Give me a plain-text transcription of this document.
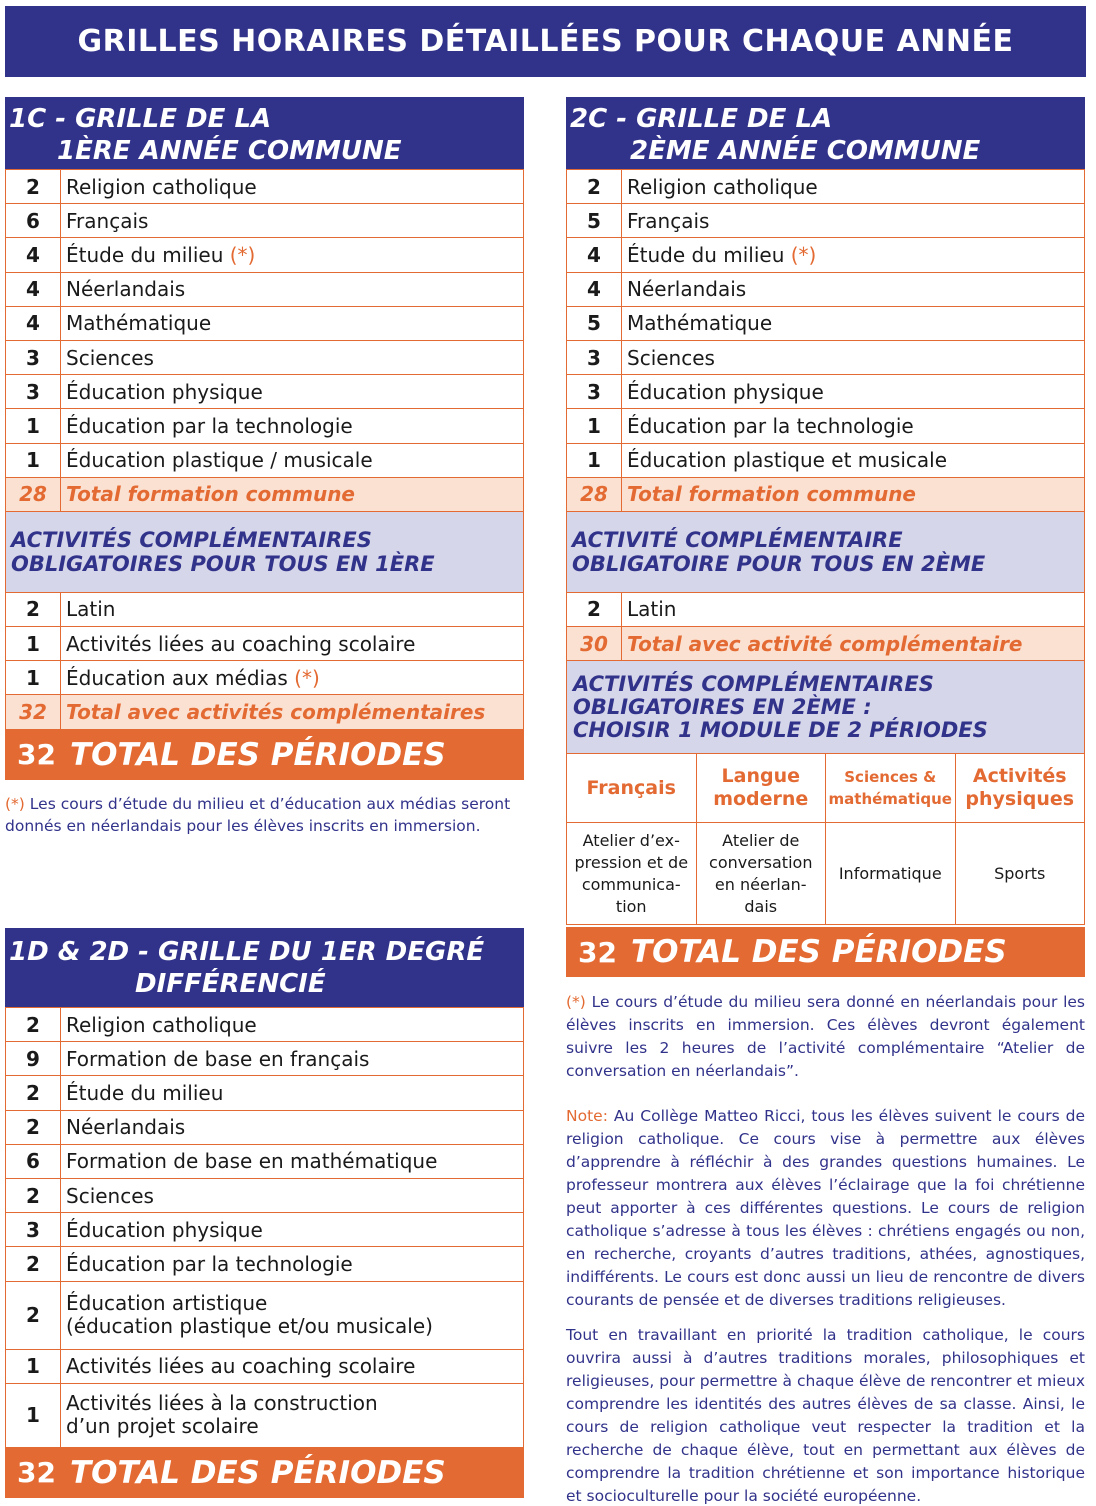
GRILLES HORAIRES DÉTAILLÉES POUR CHAQUE ANNÉE
1C - GRILLE DE LA
1ÈRE ANNÉE COMMUNE
2	Religion catholique
6	Français
4	Étude du milieu (*)
4	Néerlandais
4	Mathématique
3	Sciences
3	Éducation physique
1	Éducation par la technologie
1	Éducation plastique / musicale
28	Total formation commune
ACTIVITÉS COMPLÉMENTAIRES
OBLIGATOIRES POUR TOUS EN 1ÈRE
2	Latin
1	Activités liées au coaching scolaire
1	Éducation aux médias (*)
32	Total avec activités complémentaires
32 TOTAL DES PÉRIODES
(*) Les cours d’étude du milieu et d’éducation aux médias seront donnés en néerlandais pour les élèves inscrits en immersion.
1D & 2D - GRILLE DU 1ER DEGRÉ
DIFFÉRENCIÉ
2	Religion catholique
9	Formation de base en français
2	Étude du milieu
2	Néerlandais
6	Formation de base en mathématique
2	Sciences
3	Éducation physique
2	Éducation par la technologie
2	Éducation artistique
(éducation plastique et/ou musicale)
1	Activités liées au coaching scolaire
1	Activités liées à la construction
d’un projet scolaire
32 TOTAL DES PÉRIODES
2C - GRILLE DE LA
2ÈME ANNÉE COMMUNE
2	Religion catholique
5	Français
4	Étude du milieu (*)
4	Néerlandais
5	Mathématique
3	Sciences
3	Éducation physique
1	Éducation par la technologie
1	Éducation plastique et musicale
28	Total formation commune
ACTIVITÉ COMPLÉMENTAIRE
OBLIGATOIRE POUR TOUS EN 2ÈME
2	Latin
30	Total avec activité complémentaire
ACTIVITÉS COMPLÉMENTAIRES
OBLIGATOIRES EN 2ÈME :
CHOISIR 1 MODULE DE 2 PÉRIODES
Français	Langue moderne	Sciences & mathématique	Activités physiques
Atelier d’ex-pression et de communica-tion	Atelier de conversation en néerlan-dais	Informatique	Sports
32 TOTAL DES PÉRIODES
(*) Le cours d’étude du milieu sera donné en néerlandais pour les élèves inscrits en immersion. Ces élèves devront également suivre les 2 heures de l’activité complémentaire “Atelier de conversation en néerlandais”.
Note: Au Collège Matteo Ricci, tous les élèves suivent le cours de religion catholique. Ce cours vise à permettre aux élèves d’apprendre à réfléchir à des grandes questions humaines. Le professeur montrera aux élèves l’éclairage que la foi chrétienne peut apporter à ces différentes questions. Le cours de religion catholique s’adresse à tous les élèves : chrétiens engagés ou non, en recherche, croyants d’autres traditions, athées, agnostiques, indifférents. Le cours est donc aussi un lieu de rencontre de divers courants de pensée et de diverses traditions religieuses.
Tout en travaillant en priorité la tradition catholique, le cours ouvrira aussi à d’autres traditions morales, philosophiques et religieuses, pour permettre à chaque élève de rencontrer et mieux comprendre les identités des autres élèves de sa classe. Ainsi, le cours de religion catholique veut respecter la tradition et la recherche de chaque élève, tout en permettant aux élèves de comprendre la tradition chrétienne et son importance historique et socioculturelle pour la société européenne.
